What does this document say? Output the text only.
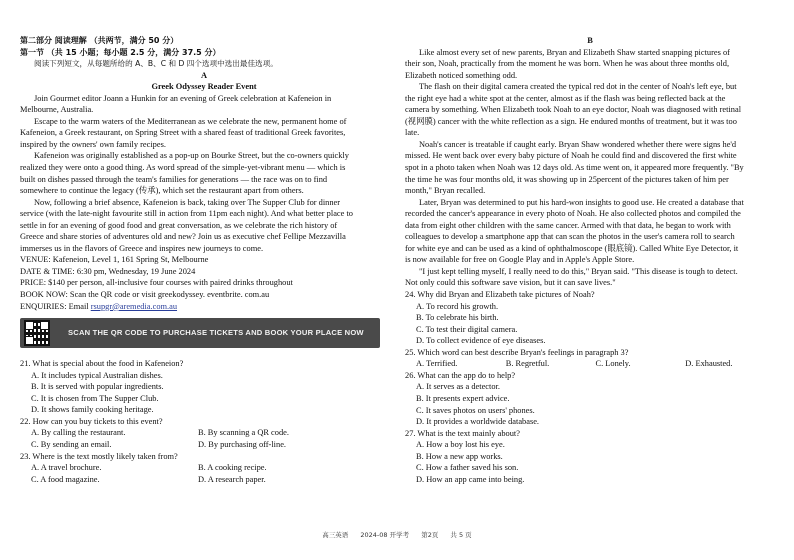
第二部分 阅读理解 （共两节，满分 50 分）
第一节 （共 15 小题；每小题 2.5 分，满分 37.5 分）
阅读下列短文，从每题所给的 A、B、C 和 D 四个选项中选出最佳选项。
A
Greek Odyssey Reader Event
Join Gourmet editor Joann a Hunkin for an evening of Greek celebration at Kafeneion in
Melbourne, Australia.
Escape to the warm waters of the Mediterranean as we celebrate the new, permanent home of
Kafeneion, a Greek restaurant, on Spring Street with a shared feast of traditional Greek favorites,
inspired by the owners' own family recipes.
Kafeneion was originally established as a pop-up on Bourke Street, but the co-owners quickly
realized they were onto a good thing. As word spread of the simple-yet-vibrant menu — which is
built on dishes passed through the team's families for generations — the race was on to find
somewhere to continue the legacy (传承), which set the restaurant apart from others.
Now, following a brief absence, Kafeneion is back, taking over The Supper Club for dinner
service (with the late-night favourite still in action from 11pm each night). And what better place to
settle in for an evening of good food and great conversation, as we celebrate the rich history of
Greece and share stories of adventures old and new? Join us as executive chef Fellipe Mezzavilla
immerses us in the flavors of Greece and inspires new journeys to come.
VENUE: Kafeneion, Level 1, 161 Spring St, Melbourne
DATE & TIME: 6:30 pm, Wednesday, 19 June 2024
PRICE: $140 per person, all-inclusive four courses with paired drinks throughout
BOOK NOW: Scan the QR code or visit greekodyssey. eventbrite. com.au
ENQUIRIES: Email rsupgr@aremedia.com.au
SCAN THE QR CODE TO PURCHASE TICKETS AND BOOK YOUR PLACE NOW
21. What is special about the food in Kafeneion?
A. It includes typical Australian dishes.
B. It is served with popular ingredients.
C. It is chosen from The Supper Club.
D. It shows family cooking heritage.
22. How can you buy tickets to this event?
A. By calling the restaurant.	B. By scanning a QR code.
C. By sending an email.	D. By purchasing off-line.
23. Where is the text mostly likely taken from?
A. A travel brochure.	B. A cooking recipe.
C. A food magazine.	D. A research paper.
B
Like almost every set of new parents, Bryan and Elizabeth Shaw started snapping pictures of
their son, Noah, practically from the moment he was born. When he was about three months old,
Elizabeth noticed something odd.
The flash on their digital camera created the typical red dot in the center of Noah's left eye, but
the right eye had a white spot at the center, almost as if the flash was being reflected back at the
camera by something. When Elizabeth took Noah to an eye doctor, Noah was diagnosed with retinal
(视网膜) cancer with the white reflection as a sign. He endured months of treatment, but it was too
late.
Noah's cancer is treatable if caught early. Bryan Shaw wondered whether there were signs he'd
missed. He went back over every baby picture of Noah he could find and discovered the first white
spot in a photo taken when Noah was 12 days old. As time went on, it appeared more frequently. "By
the time he was four months old, it was showing up in 25percent of the pictures taken of him per
month," Bryan recalled.
Later, Bryan was determined to put his hard-won insights to good use. He created a database that
recorded the cancer's appearance in every photo of Noah. He also collected photos and compiled the
data from eight other children with the same cancer. Armed with that data, he began to work with
colleagues to develop a smartphone app that can scan the photos in the user's camera roll to search
for white eye and can be used as a kind of ophthalmoscope (眼底镜). Called White Eye Detector, it
is now available for free on Google Play and in Apple's Apple Store.
"I just kept telling myself, I really need to do this," Bryan said. "This disease is tough to detect.
Not only could this software save vision, but it can save lives."
24. Why did Bryan and Elizabeth take pictures of Noah?
A. To record his growth.
B. To celebrate his birth.
C. To test their digital camera.
D. To collect evidence of eye diseases.
25. Which word can best describe Bryan's feelings in paragraph 3?
A. Terrified.	B. Regretful.	C. Lonely.	D. Exhausted.
26. What can the app do to help?
A. It serves as a detector.
B. It presents expert advice.
C. It saves photos on users' phones.
D. It provides a worldwide database.
27. What is the text mainly about?
A. How a boy lost his eye.
B. How a new app works.
C. How a father saved his son.
D. How an app came into being.
高三英语 2024-08 开学考 第2页 共 5 页
